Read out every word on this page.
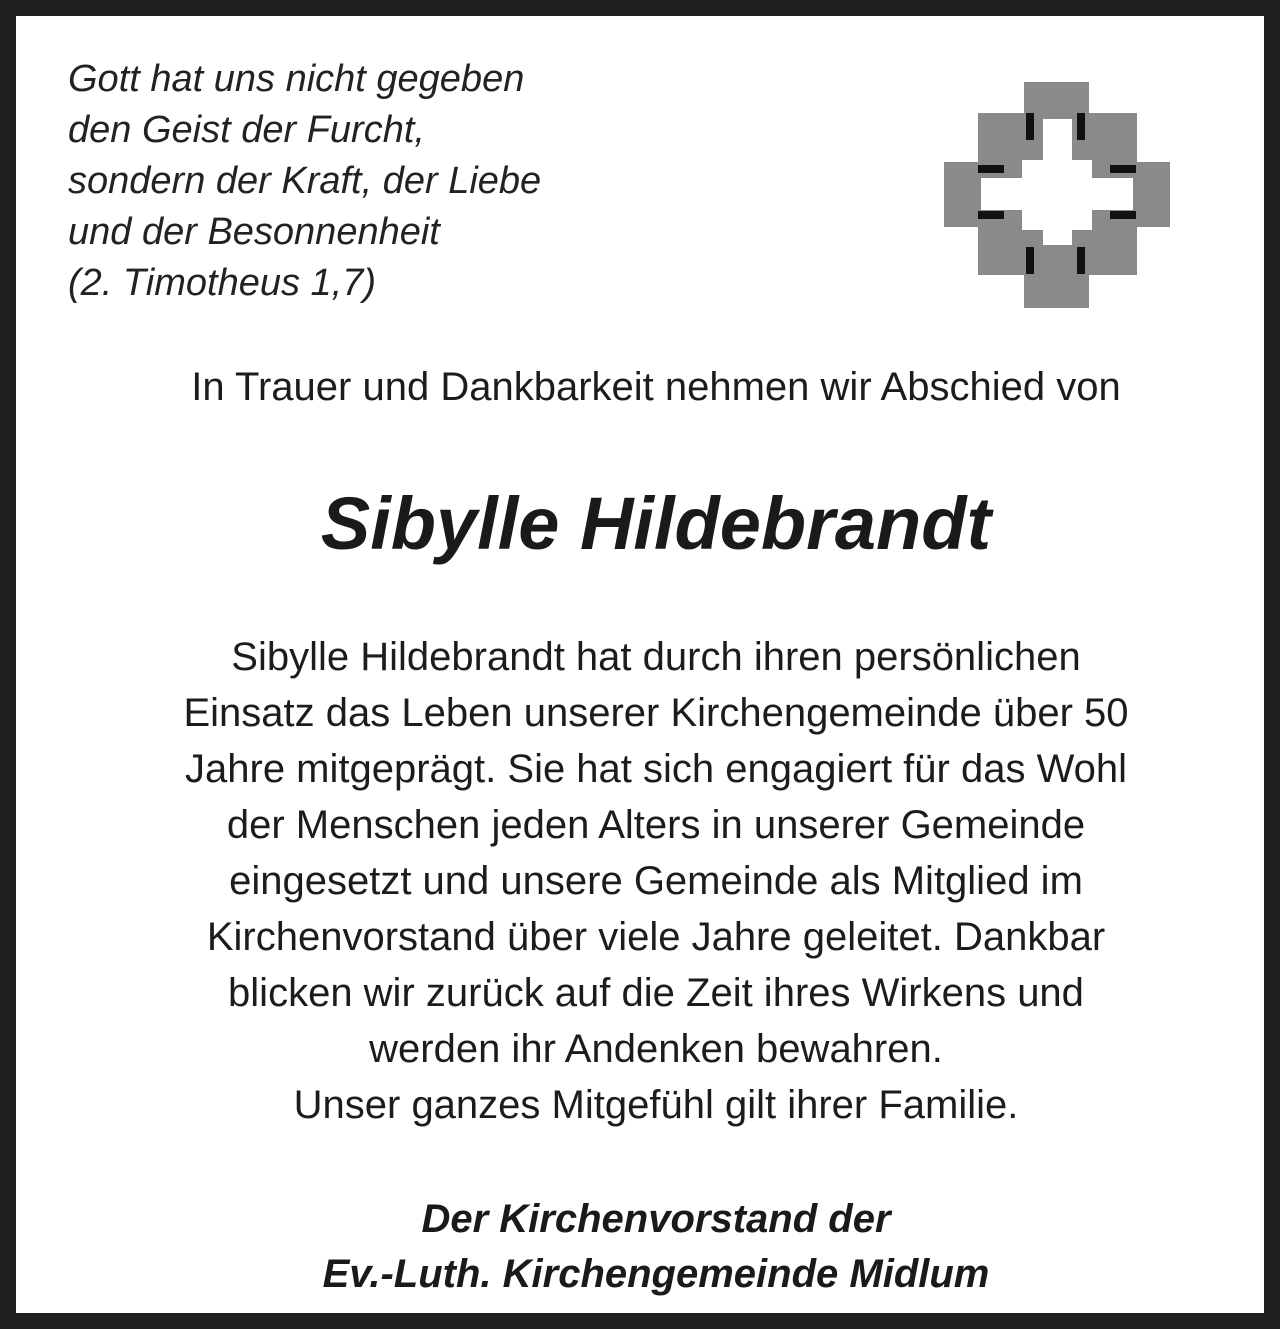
Gott hat uns nicht gegeben
den Geist der Furcht,
sondern der Kraft, der Liebe
und der Besonnenheit
(2. Timotheus 1,7)

In Trauer und Dankbarkeit nehmen wir Abschied von

Sibylle Hildebrandt

Sibylle Hildebrandt hat durch ihren persönlichen
Einsatz das Leben unserer Kirchengemeinde über 50
Jahre mitgeprägt. Sie hat sich engagiert für das Wohl
der Menschen jeden Alters in unserer Gemeinde
eingesetzt und unsere Gemeinde als Mitglied im
Kirchenvorstand über viele Jahre geleitet. Dankbar
blicken wir zurück auf die Zeit ihres Wirkens und
werden ihr Andenken bewahren.
Unser ganzes Mitgefühl gilt ihrer Familie.

Der Kirchenvorstand der
Ev.-Luth. Kirchengemeinde Midlum
